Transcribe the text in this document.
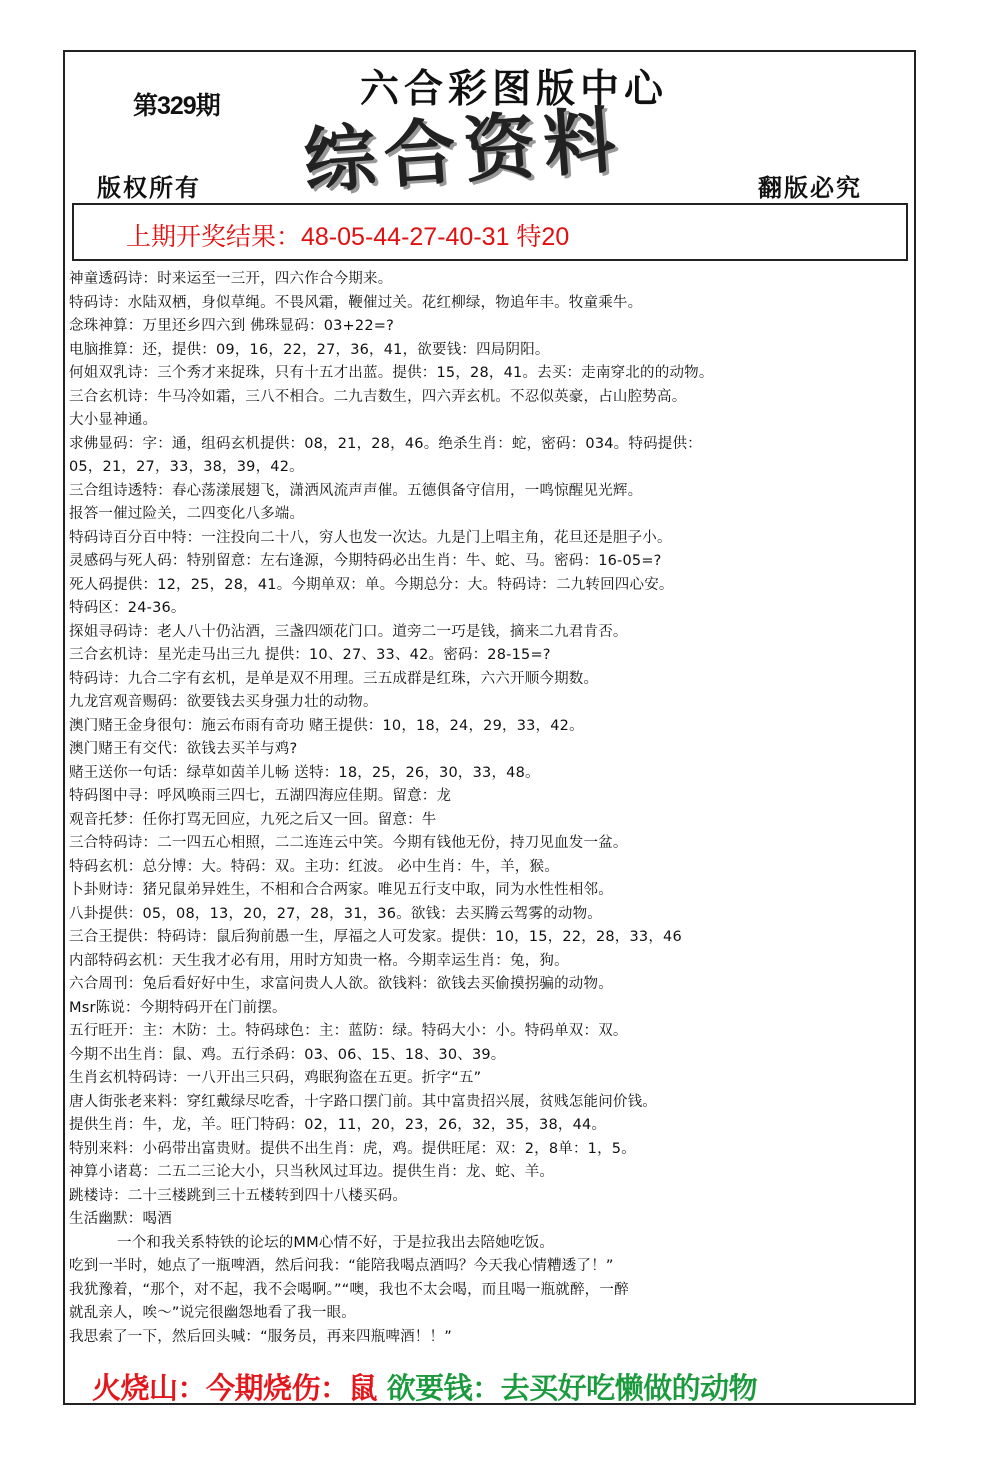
第329期	六合彩图版中心
综合资料
版权所有	翻版必究
上期开奖结果：48-05-44-27-40-31 特20
神童透码诗：时来运至一三开，四六作合今期来。
特码诗：水陆双栖，身似草绳。不畏风霜，鞭催过关。花红柳绿，物追年丰。牧童乘牛。
念珠神算：万里还乡四六到 佛珠显码：03+22=?
电脑推算：还，提供：09，16，22，27，36，41，欲要钱：四局阴阳。
何姐双乳诗：三个秀才来捉珠，只有十五才出蓝。提供：15，28，41。去买：走南穿北的的动物。
三合玄机诗：牛马冷如霜，三八不相合。二九吉数生，四六弄玄机。不忍似英豪，占山腔势高。
大小显神通。
求佛显码：字：通，组码玄机提供：08，21，28，46。绝杀生肖：蛇，密码：034。特码提供：
05，21，27，33，38，39，42。
三合组诗透特：春心荡漾展翅飞，潇洒风流声声催。五德俱备守信用，一鸣惊醒见光辉。
报答一催过险关，二四变化八多端。
特码诗百分百中特：一注投向二十八，穷人也发一次达。九是门上唱主角，花旦还是胆子小。
灵感码与死人码：特别留意：左右逢源，今期特码必出生肖：牛、蛇、马。密码：16-05=?
死人码提供：12，25，28，41。今期单双：单。今期总分：大。特码诗：二九转回四心安。
特码区：24-36。
探姐寻码诗：老人八十仍沾酒，三盏四颂花门口。道旁二一巧是钱，摘来二九君肯否。
三合玄机诗：星光走马出三九 提供：10、27、33、42。密码：28-15=?
特码诗：九合二字有玄机，是单是双不用理。三五成群是红珠，六六开顺今期数。
九龙宫观音赐码：欲要钱去买身强力壮的动物。
澳门赌王金身很句：施云布雨有奇功 赌王提供：10，18，24，29，33，42。
澳门赌王有交代：欲钱去买羊与鸡?
赌王送你一句话：绿草如茵羊儿畅 送特：18，25，26，30，33，48。
特码图中寻：呼风唤雨三四七，五湖四海应佳期。留意：龙
观音托梦：任你打骂无回应，九死之后又一回。留意：牛
三合特码诗：二一四五心相照，二二连连云中笑。今期有钱他无份，持刀见血发一盆。
特码玄机：总分博：大。特码：双。主功：红波。 必中生肖：牛，羊，猴。
卜卦财诗：猪兄鼠弟异姓生，不相和合合两家。唯见五行支中取，同为水性性相邻。
八卦提供：05，08，13，20，27，28，31，36。欲钱：去买腾云驾雾的动物。
三合王提供：特码诗：鼠后狗前愚一生，厚福之人可发家。提供：10，15，22，28，33，46
内部特码玄机：天生我才必有用，用时方知贵一格。今期幸运生肖：兔，狗。
六合周刊：兔后看好好中生，求富问贵人人欲。欲钱料：欲钱去买偷摸拐骗的动物。
Msr陈说：今期特码开在门前摆。
五行旺开：主：木防：土。特码球色：主：蓝防：绿。特码大小：小。特码单双：双。
今期不出生肖：鼠、鸡。五行杀码：03、06、15、18、30、39。
生肖玄机特码诗：一八开出三只码，鸡眠狗盗在五更。折字“五”
唐人街张老来料：穿红戴绿尽吃香，十字路口摆门前。其中富贵招兴展，贫贱怎能问价钱。
提供生肖：牛，龙，羊。旺门特码：02，11，20，23，26，32，35，38，44。
特别来料：小码带出富贵财。提供不出生肖：虎，鸡。提供旺尾：双：2，8单：1，5。
神算小诸葛：二五二三论大小，只当秋风过耳边。提供生肖：龙、蛇、羊。
跳楼诗：二十三楼跳到三十五楼转到四十八楼买码。
生活幽默：喝酒
一个和我关系特铁的论坛的MM心情不好，于是拉我出去陪她吃饭。
吃到一半时，她点了一瓶啤酒，然后问我：“能陪我喝点酒吗？今天我心情糟透了！”
我犹豫着，“那个，对不起，我不会喝啊。”“噢，我也不太会喝，而且喝一瓶就醉，一醉
就乱亲人，唉～”说完很幽怨地看了我一眼。
我思索了一下，然后回头喊：“服务员，再来四瓶啤酒！！”
火烧山：今期烧伤：鼠 欲要钱：去买好吃懒做的动物
